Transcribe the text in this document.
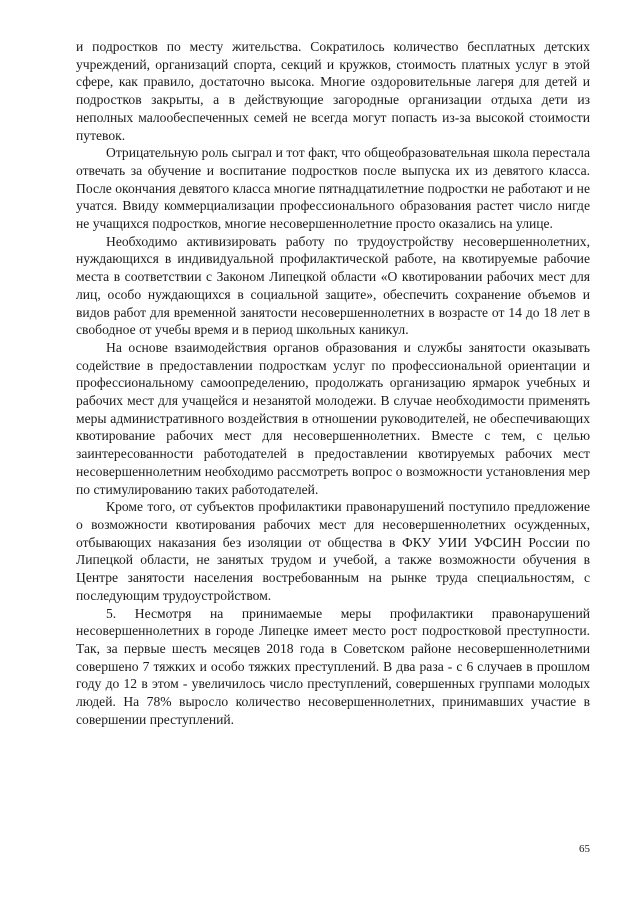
и подростков по месту жительства. Сократилось количество бесплатных детских учреждений, организаций спорта, секций и кружков, стоимость платных услуг в этой сфере, как правило, достаточно высока. Многие оздоровительные лагеря для детей и подростков закрыты, а в действующие загородные организации отдыха дети из неполных малообеспеченных семей не всегда могут попасть из-за высокой стоимости путевок.

Отрицательную роль сыграл и тот факт, что общеобразовательная школа перестала отвечать за обучение и воспитание подростков после выпуска их из девятого класса. После окончания девятого класса многие пятнадцатилетние подростки не работают и не учатся. Ввиду коммерциализации профессионального образования растет число нигде не учащихся подростков, многие несовершеннолетние просто оказались на улице.

Необходимо активизировать работу по трудоустройству несовершеннолетних, нуждающихся в индивидуальной профилактической работе, на квотируемые рабочие места в соответствии с Законом Липецкой области «О квотировании рабочих мест для лиц, особо нуждающихся в социальной защите», обеспечить сохранение объемов и видов работ для временной занятости несовершеннолетних в возрасте от 14 до 18 лет в свободное от учебы время и в период школьных каникул.

На основе взаимодействия органов образования и службы занятости оказывать содействие в предоставлении подросткам услуг по профессиональной ориентации и профессиональному самоопределению, продолжать организацию ярмарок учебных и рабочих мест для учащейся и незанятой молодежи. В случае необходимости применять меры административного воздействия в отношении руководителей, не обеспечивающих квотирование рабочих мест для несовершеннолетних. Вместе с тем, с целью заинтересованности работодателей в предоставлении квотируемых рабочих мест несовершеннолетним необходимо рассмотреть вопрос о возможности установления мер по стимулированию таких работодателей.

Кроме того, от субъектов профилактики правонарушений поступило предложение о возможности квотирования рабочих мест для несовершеннолетних осужденных, отбывающих наказания без изоляции от общества в ФКУ УИИ УФСИН России по Липецкой области, не занятых трудом и учебой, а также возможности обучения в Центре занятости населения востребованным на рынке труда специальностям, с последующим трудоустройством.

5. Несмотря на принимаемые меры профилактики правонарушений несовершеннолетних в городе Липецке имеет место рост подростковой преступности. Так, за первые шесть месяцев 2018 года в Советском районе несовершеннолетними совершено 7 тяжких и особо тяжких преступлений. В два раза - с 6 случаев в прошлом году до 12 в этом - увеличилось число преступлений, совершенных группами молодых людей. На 78% выросло количество несовершеннолетних, принимавших участие в совершении преступлений.

65
